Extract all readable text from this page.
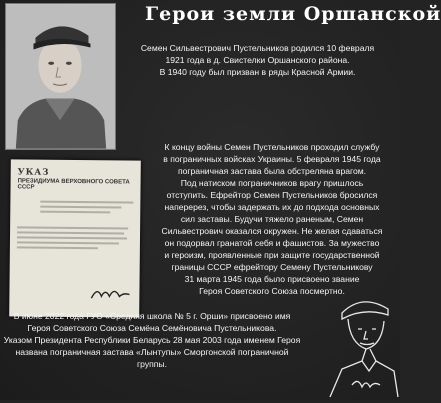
Герои земли Оршанской
УКАЗ
ПРЕЗИДИУМА ВЕРХОВНОГО СОВЕТА СССР
Семен Сильвестрович Пустельников родился 10 февраля
1921 года в д. Свистелки Оршанского района.
В 1940 году был призван в ряды Красной Армии.
К концу войны Семен Пустельников проходил службу
в пограничных войсках Украины. 5 февраля 1945 года
пограничная застава была обстреляна врагом.
Под натиском пограничников врагу пришлось
отступить. Ефрейтор Семен Пустельников бросился
наперерез, чтобы задержать их до подхода основных
сил заставы. Будучи тяжело раненым, Семен
Сильвестрович оказался окружен. Не желая сдаваться
он подорвал гранатой себя и фашистов. За мужество
и героизм, проявленные при защите государственной
границы СССР ефрейтору Семену Пустельникову
31 марта 1945 года было присвоено звание
Героя Советского Союза посмертно.
В июне 2022 года ГУО «Средняя школа № 5 г. Орши» присвоено имя
Героя Советского Союза Семёна Семёновича Пустельникова.
Указом Президента Республики Беларусь 28 мая 2003 года именем Героя
названа пограничная застава «Лынтупы» Сморгонской пограничной
группы.
